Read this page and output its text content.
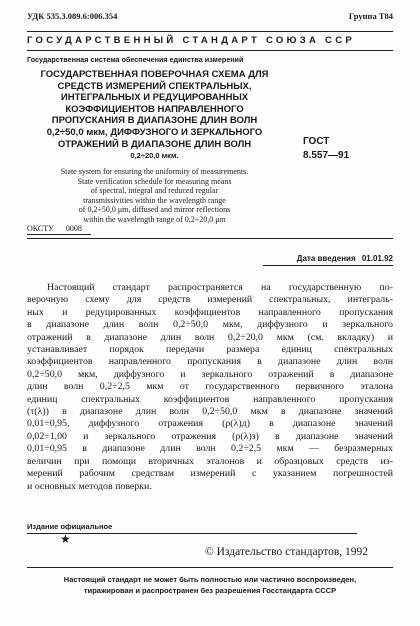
УДК 535.3.089.6:006.354	Группа Т84
ГОСУДАРСТВЕННЫЙ СТАНДАРТ СОЮЗА ССР
Государственная система обеспечения единства измерений
ГОСУДАРСТВЕННАЯ ПОВЕРОЧНАЯ СХЕМА ДЛЯ
СРЕДСТВ ИЗМЕРЕНИЙ СПЕКТРАЛЬНЫХ,
ИНТЕГРАЛЬНЫХ И РЕДУЦИРОВАННЫХ
КОЭФФИЦИЕНТОВ НАПРАВЛЕННОГО
ПРОПУСКАНИЯ В ДИАПАЗОНЕ ДЛИН ВОЛН
0,2÷50,0 мкм, ДИФФУЗНОГО И ЗЕРКАЛЬНОГО
ОТРАЖЕНИЙ В ДИАПАЗОНЕ ДЛИН ВОЛН
0,2÷20,0 мкм.
State system for ensuring the uniformity of measurements.
State verification schedule for measuring means
of spectral, integral and reduced regular
transmissivities within the wavelength range
of 0,2÷50,0 μm, diffused and mirror reflections
within the wavelength range of 0,2÷20,0 μm
ГОСТ
8.557—91
ОКСТУ 0008
Дата введения 01.01.92
Настоящий стандарт распространяется на государственную по-
верочную схему для средств измерений спектральных, интеграль-
ных и редуцированных коэффициентов направленного пропускания
в диапазоне длин волн 0,2÷50,0 мкм, диффузного и зеркального
отражений в диапазоне длин волн 0,2÷20,0 мкм (см. вкладку) и
устанавливает порядок передачи размера единиц спектральных
коэффициентов направленного пропускания в диапазоне длин волн
0,2÷50,0 мкм, диффузного и зеркального отражений в диапазоне
длин волн 0,2÷2,5 мкм от государственного первичного эталона
единиц спектральных коэффициентов направленного пропускания
(τ(λ)) в диапазоне длин волн 0,2÷50,0 мкм в диапазоне значений
0,01÷0,95, диффузного отражения (ρ(λ)д) в диапазоне значений
0,02÷1,00 и зеркального отражения (ρ(λ)з) в диапазоне значений
0,01÷0,95 в диапазоне длин волн 0,2÷2,5 мкм — безразмерных
величин при помощи вторичных эталонов и образцовых средств из-
мерений рабочим средствам измерений с указанием погрешностей
и основных методов поверки.
Издание официальное
★
© Издательство стандартов, 1992
Настоящий стандарт не может быть полностью или частично воспроизведен,
тиражирован и распространен без разрешения Госстандарта СССР
